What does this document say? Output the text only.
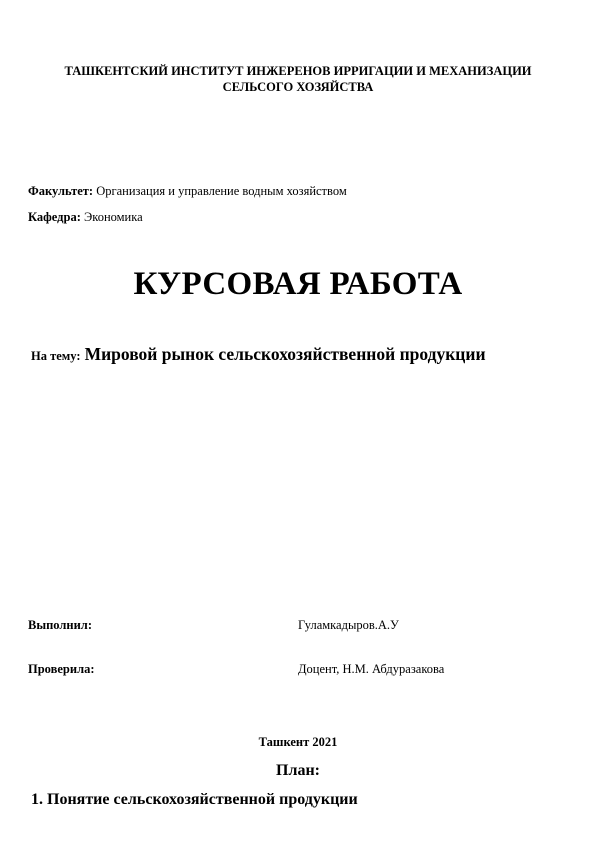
ТАШКЕНТСКИЙ ИНСТИТУТ ИНЖЕРЕНОВ ИРРИГАЦИИ И МЕХАНИЗАЦИИ
СЕЛЬСОГО ХОЗЯЙСТВА
Факультет: Организация и управление водным хозяйством
Кафедра: Экономика
КУРСОВАЯ РАБОТА
На тему: Мировой рынок сельскохозяйственной продукции
Выполнил:	Гуламкадыров.А.У
Проверила:	Доцент, Н.М. Абдуразакова
Ташкент 2021
План:
1. Понятие сельскохозяйственной продукции
